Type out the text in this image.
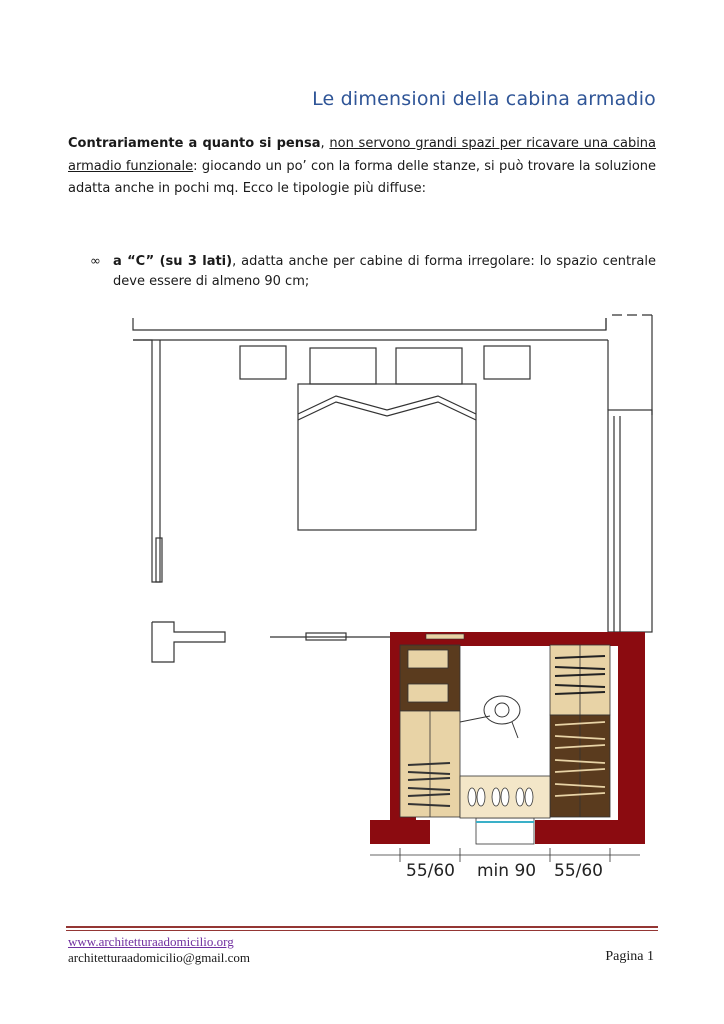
Le dimensioni della cabina armadio

Contrariamente a quanto si pensa, non servono grandi spazi per ricavare una cabina armadio funzionale: giocando un po’ con la forma delle stanze, si può trovare la soluzione adatta anche in pochi mq. Ecco le tipologie più diffuse:

∞ a “C” (su 3 lati), adatta anche per cabine di forma irregolare: lo spazio centrale deve essere di almeno 90 cm;

55/60 min 90 55/60
www.architetturaadomicilio.org
architetturaadomicilio@gmail.com	Pagina 1
